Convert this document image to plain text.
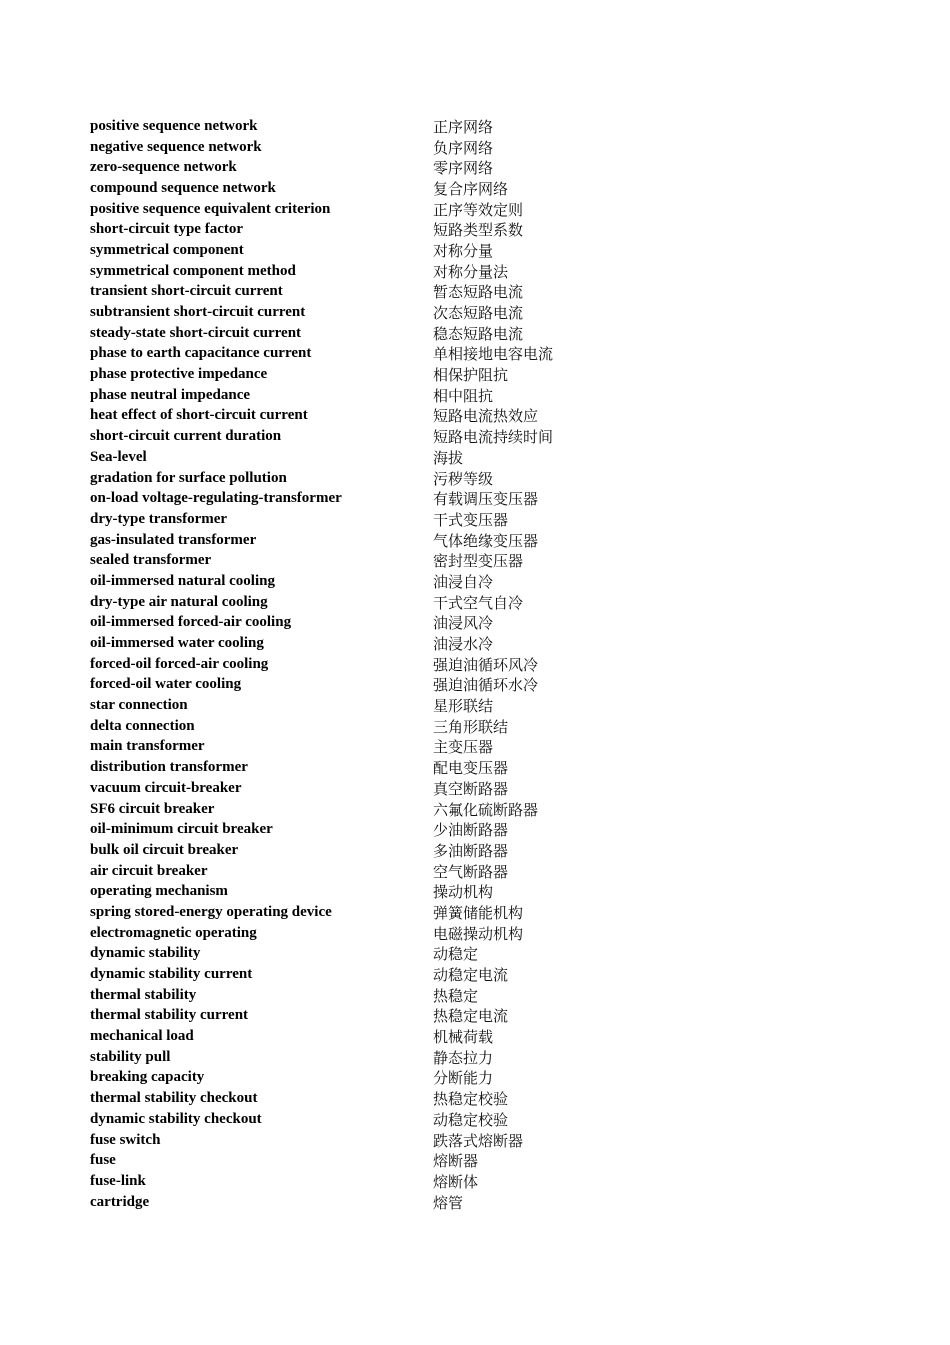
positive sequence network	正序网络
negative sequence network	负序网络
zero-sequence network	零序网络
compound sequence network	复合序网络
positive sequence equivalent criterion	正序等效定则
short-circuit type factor	短路类型系数
symmetrical component	对称分量
symmetrical component method	对称分量法
transient short-circuit current	暂态短路电流
subtransient short-circuit current	次态短路电流
steady-state short-circuit current	稳态短路电流
phase to earth capacitance current	单相接地电容电流
phase protective impedance	相保护阻抗
phase neutral impedance	相中阻抗
heat effect of short-circuit current	短路电流热效应
short-circuit current duration	短路电流持续时间
Sea-level	海拔
gradation for surface pollution	污秽等级
on-load voltage-regulating-transformer	有载调压变压器
dry-type transformer	干式变压器
gas-insulated transformer	气体绝缘变压器
sealed transformer	密封型变压器
oil-immersed natural cooling	油浸自冷
dry-type air natural cooling	干式空气自冷
oil-immersed forced-air cooling	油浸风冷
oil-immersed water cooling	油浸水冷
forced-oil forced-air cooling	强迫油循环风冷
forced-oil water cooling	强迫油循环水冷
star connection	星形联结
delta connection	三角形联结
main transformer	主变压器
distribution transformer	配电变压器
vacuum circuit-breaker	真空断路器
SF6 circuit breaker	六氟化硫断路器
oil-minimum circuit breaker	少油断路器
bulk oil circuit breaker	多油断路器
air circuit breaker	空气断路器
operating mechanism	操动机构
spring stored-energy operating device	弹簧储能机构
electromagnetic operating	电磁操动机构
dynamic stability	动稳定
dynamic stability current	动稳定电流
thermal stability	热稳定
thermal stability current	热稳定电流
mechanical load	机械荷载
stability pull	静态拉力
breaking capacity	分断能力
thermal stability checkout	热稳定校验
dynamic stability checkout	动稳定校验
fuse switch	跌落式熔断器
fuse	熔断器
fuse-link	熔断体
cartridge	熔管
